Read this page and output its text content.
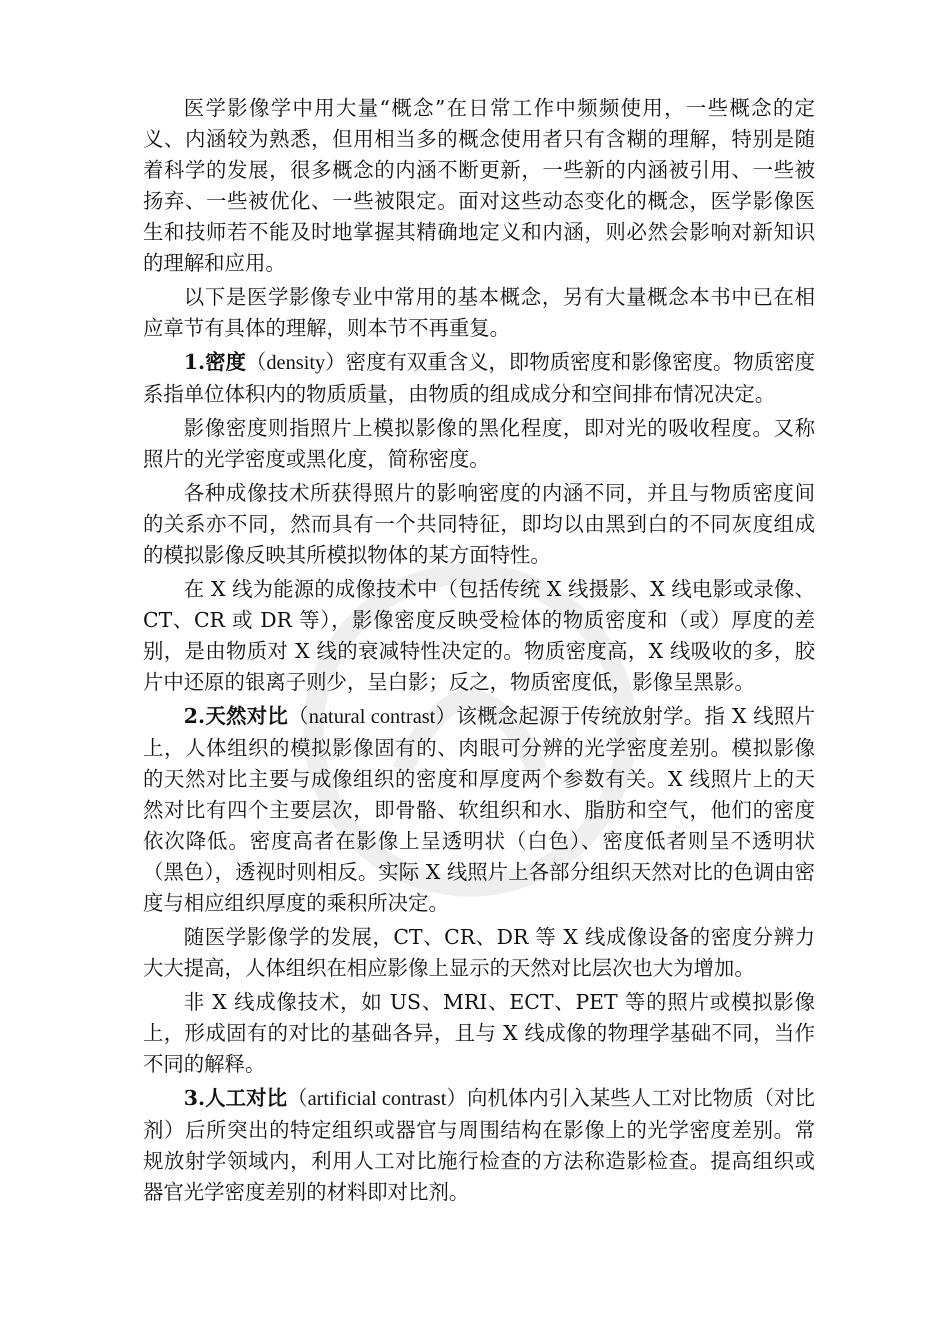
医学影像学中用大量“概念”在日常工作中频频使用，一些概念的定义、内涵较为熟悉，但用相当多的概念使用者只有含糊的理解，特别是随着科学的发展，很多概念的内涵不断更新，一些新的内涵被引用、一些被扬弃、一些被优化、一些被限定。面对这些动态变化的概念，医学影像医生和技师若不能及时地掌握其精确地定义和内涵，则必然会影响对新知识的理解和应用。

以下是医学影像专业中常用的基本概念，另有大量概念本书中已在相应章节有具体的理解，则本节不再重复。

1.密度（density）密度有双重含义，即物质密度和影像密度。物质密度系指单位体积内的物质质量，由物质的组成成分和空间排布情况决定。

影像密度则指照片上模拟影像的黑化程度，即对光的吸收程度。又称照片的光学密度或黑化度，简称密度。

各种成像技术所获得照片的影响密度的内涵不同，并且与物质密度间的关系亦不同，然而具有一个共同特征，即均以由黑到白的不同灰度组成的模拟影像反映其所模拟物体的某方面特性。

在 X 线为能源的成像技术中（包括传统 X 线摄影、X 线电影或录像、CT、CR 或 DR 等），影像密度反映受检体的物质密度和（或）厚度的差别，是由物质对 X 线的衰减特性决定的。物质密度高，X 线吸收的多，胶片中还原的银离子则少，呈白影；反之，物质密度低，影像呈黑影。

2.天然对比（natural contrast）该概念起源于传统放射学。指 X 线照片上，人体组织的模拟影像固有的、肉眼可分辨的光学密度差别。模拟影像的天然对比主要与成像组织的密度和厚度两个参数有关。X 线照片上的天然对比有四个主要层次，即骨骼、软组织和水、脂肪和空气，他们的密度依次降低。密度高者在影像上呈透明状（白色）、密度低者则呈不透明状（黑色），透视时则相反。实际 X 线照片上各部分组织天然对比的色调由密度与相应组织厚度的乘积所决定。

随医学影像学的发展，CT、CR、DR 等 X 线成像设备的密度分辨力大大提高，人体组织在相应影像上显示的天然对比层次也大为增加。

非 X 线成像技术，如 US、MRI、ECT、PET 等的照片或模拟影像上，形成固有的对比的基础各异，且与 X 线成像的物理学基础不同，当作不同的解释。

3.人工对比（artificial contrast）向机体内引入某些人工对比物质（对比剂）后所突出的特定组织或器官与周围结构在影像上的光学密度差别。常规放射学领域内，利用人工对比施行检查的方法称造影检查。提高组织或器官光学密度差别的材料即对比剂。
